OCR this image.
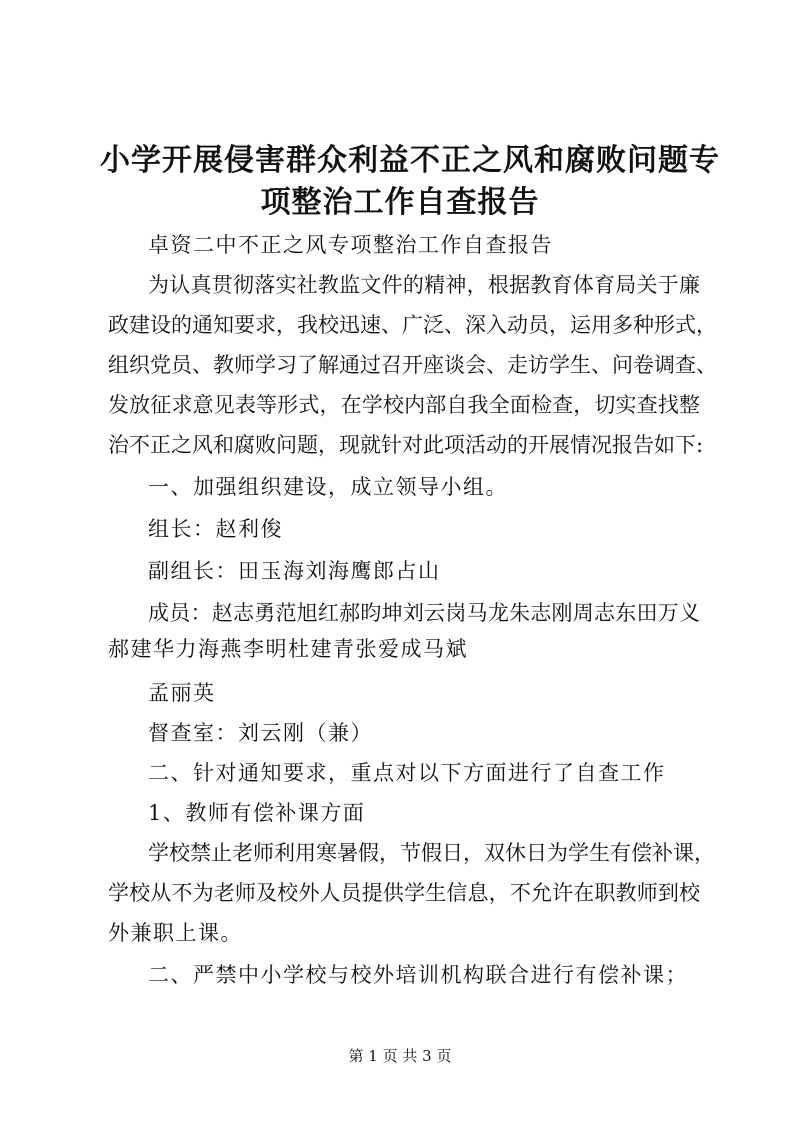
小学开展侵害群众利益不正之风和腐败问题专
项整治工作自查报告
卓资二中不正之风专项整治工作自查报告
为认真贯彻落实社教监文件的精神，根据教育体育局关于廉
政建设的通知要求，我校迅速、广泛、深入动员，运用多种形式，
组织党员、教师学习了解通过召开座谈会、走访学生、问卷调查、
发放征求意见表等形式，在学校内部自我全面检查，切实查找整
治不正之风和腐败问题，现就针对此项活动的开展情况报告如下:
一、加强组织建设，成立领导小组。
组长：赵利俊
副组长：田玉海刘海鹰郎占山
成员：赵志勇范旭红郝昀坤刘云岗马龙朱志刚周志东田万义
郝建华力海燕李明杜建青张爱成马斌
孟丽英
督查室：刘云刚（兼）
二、针对通知要求，重点对以下方面进行了自查工作
1、教师有偿补课方面
学校禁止老师利用寒暑假，节假日，双休日为学生有偿补课，
学校从不为老师及校外人员提供学生信息，不允许在职教师到校
外兼职上课。
二、严禁中小学校与校外培训机构联合进行有偿补课；
第 1 页 共 3 页
